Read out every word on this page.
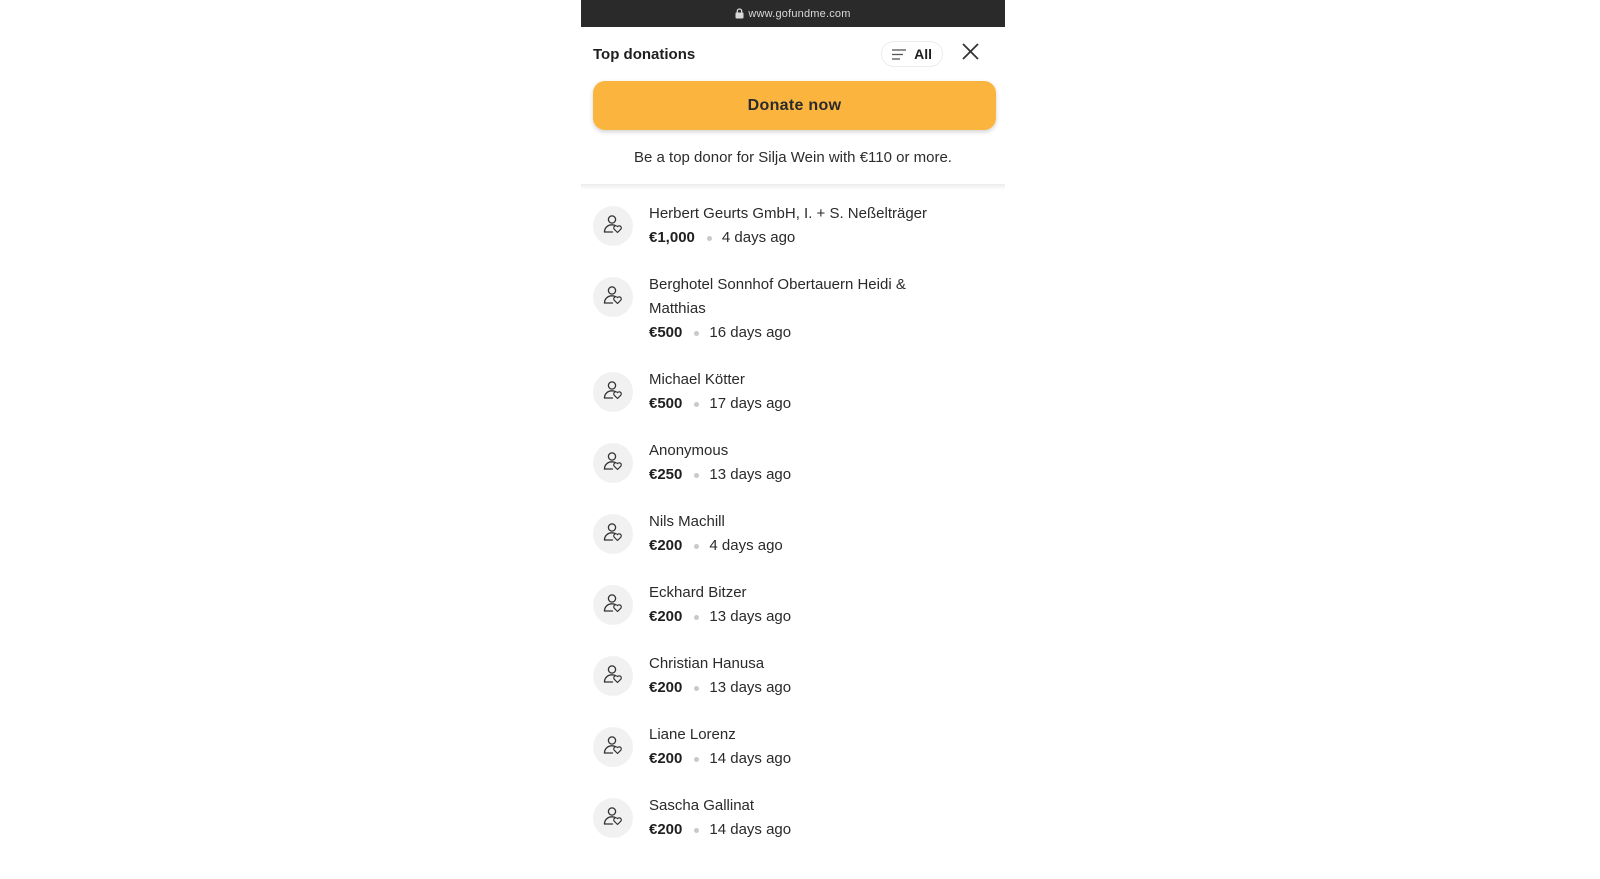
www.gofundme.com
Top donations	All
Donate now
Be a top donor for Silja Wein with €110 or more.
Herbert Geurts GmbH, I. + S. Neßelträger
€1,000 4 days ago
Berghotel Sonnhof Obertauern Heidi & Matthias
€500 16 days ago
Michael Kötter
€500 17 days ago
Anonymous
€250 13 days ago
Nils Machill
€200 4 days ago
Eckhard Bitzer
€200 13 days ago
Christian Hanusa
€200 13 days ago
Liane Lorenz
€200 14 days ago
Sascha Gallinat
€200 14 days ago
